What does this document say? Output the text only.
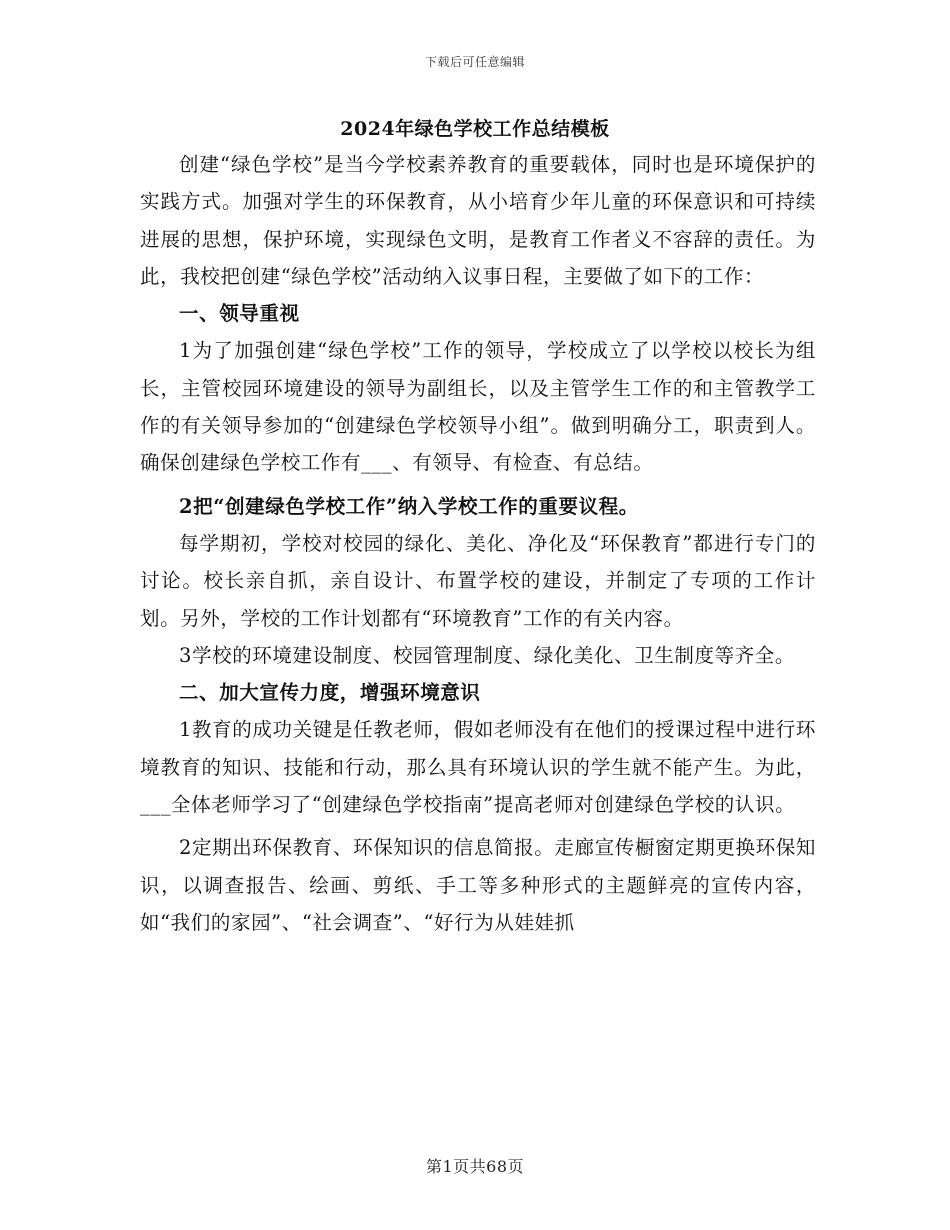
下载后可任意编辑
2024年绿色学校工作总结模板

创建“绿色学校”是当今学校素养教育的重要载体，同时也是环境保护的实践方式。加强对学生的环保教育，从小培育少年儿童的环保意识和可持续进展的思想，保护环境，实现绿色文明，是教育工作者义不容辞的责任。为此，我校把创建“绿色学校”活动纳入议事日程，主要做了如下的工作：

一、领导重视

1为了加强创建“绿色学校”工作的领导，学校成立了以学校以校长为组长，主管校园环境建设的领导为副组长，以及主管学生工作的和主管教学工作的有关领导参加的“创建绿色学校领导小组”。做到明确分工，职责到人。确保创建绿色学校工作有___、有领导、有检查、有总结。

2把“创建绿色学校工作”纳入学校工作的重要议程。

每学期初，学校对校园的绿化、美化、净化及“环保教育”都进行专门的讨论。校长亲自抓，亲自设计、布置学校的建设，并制定了专项的工作计划。另外，学校的工作计划都有“环境教育”工作的有关内容。

3学校的环境建设制度、校园管理制度、绿化美化、卫生制度等齐全。

二、加大宣传力度，增强环境意识

1教育的成功关键是任教老师，假如老师没有在他们的授课过程中进行环境教育的知识、技能和行动，那么具有环境认识的学生就不能产生。为此，___全体老师学习了“创建绿色学校指南”提高老师对创建绿色学校的认识。

2定期出环保教育、环保知识的信息简报。走廊宣传橱窗定期更换环保知识，以调查报告、绘画、剪纸、手工等多种形式的主题鲜亮的宣传内容，如“我们的家园”、“社会调查”、“好行为从娃娃抓

第1页共68页
